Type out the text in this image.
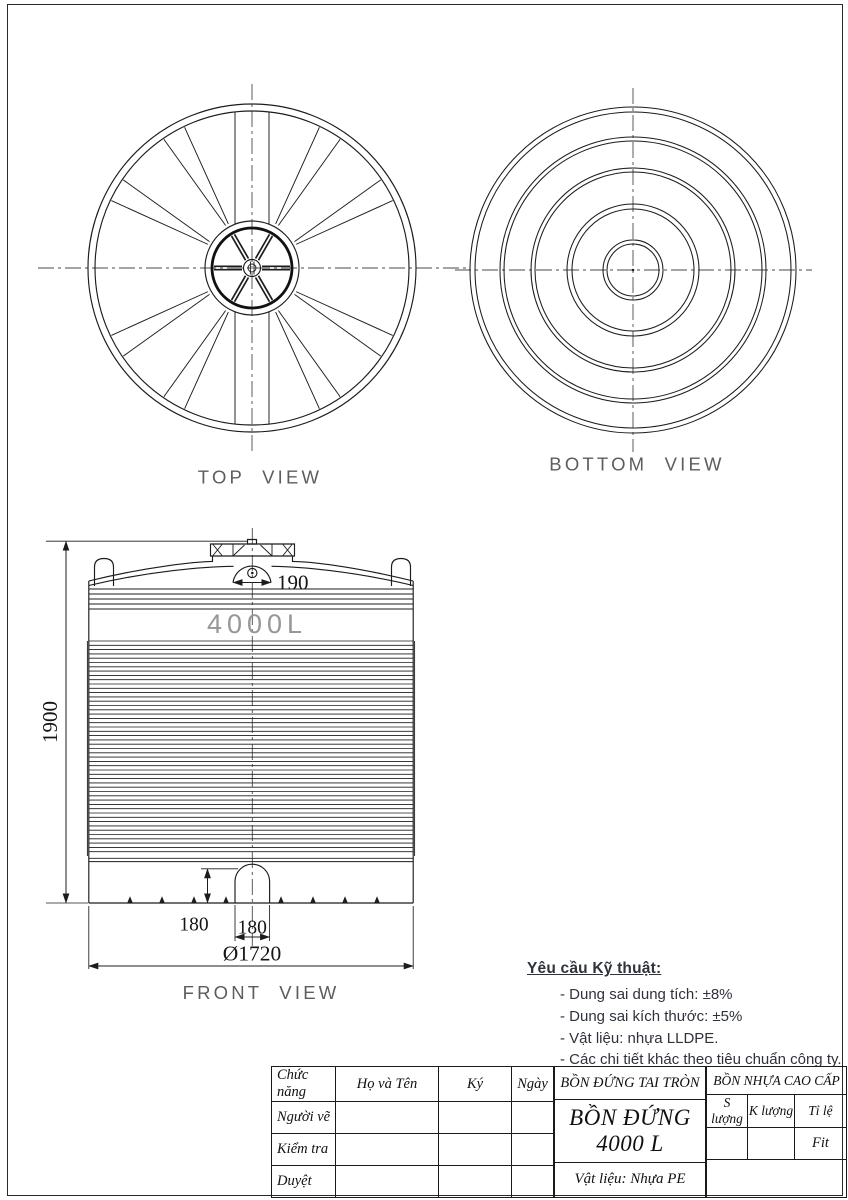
190
1900
180 180
Ø1720
4000L
TOP VIEW
BOTTOM VIEW
FRONT VIEW
Yêu cầu Kỹ thuật:
- Dung sai dung tích: ±8%
- Dung sai kích thước: ±5%
- Vật liệu: nhựa LLDPE.
- Các chi tiết khác theo tiêu chuẩn công ty.
Chức năng	Họ và Tên	Ký	Ngày
Người vẽ			
Kiểm tra			
Duyệt			
BỒN ĐỨNG TAI TRÒN
BỒN ĐỨNG 4000 L
Vật liệu: Nhựa PE
BỒN NHỰA CAO CẤP		
S lượng	K lượng	Tỉ lệ
		Fit
